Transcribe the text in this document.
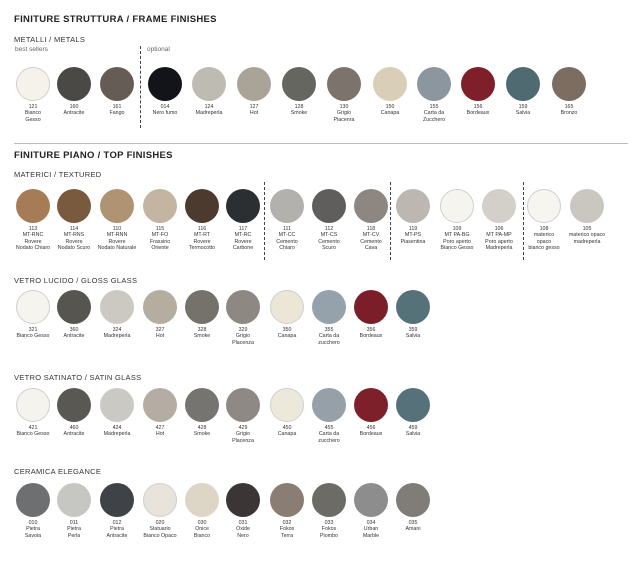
FINITURE STRUTTURA / FRAME FINISHES
METALLI / METALS
best sellers	optional
FINITURE PIANO / TOP FINISHES
MATERICI / TEXTURED
VETRO LUCIDO / GLOSS GLASS
VETRO SATINATO / SATIN GLASS
CERAMICA ELEGANCE
121
Bianco
Gesso
160
Antracite
161
Fango
014
Nero fumo
124
Madreperla
127
Hot
128
Smoke
130
Grigio
Placenra
150
Canapa
155
Carta da
Zucchero
156
Bordeaux
159
Salvia
165
Bronzo
113
MT-RNC
Rovere
Nodato Chiaro
114
MT-RNS
Rovere
Nodato Scuro
110
MT-RNN
Rovere
Nodato Naturale
115
MT-FO
Frassino
Oriente
116
MT-RT
Rovere
Termocotto
117
MT-RC
Rovere
Carbone
111
MT-CC
Cemento
Chiaro
112
MT-CS
Cemento
Scuro
118
MT-CV
Cemento
Cava
119
MT-PS
Piasentina
109
MT PA-BG
Poro aperto
Bianco Gesso
106
MT PA-MP
Poro aperto
Madreperla
108
materico
opaco
bianco gesso
105
materico opaco
madreperla
321
Bianco Gesso
360
Antracite
324
Madreperla
327
Hot
328
Smoke
329
Grigio
Placenza
350
Canapa
355
Carta da
zucchero
356
Bordeaux
359
Salvia
421
Bianco Gesso
460
Antracite
424
Madreperla
427
Hot
428
Smoke
429
Grigio
Placenza
450
Canapa
455
Carta da
zucchero
456
Bordeaux
459
Salvia
010
Pietra
Savoia
011
Pietra
Perla
012
Pietra
Antracite
020
Statuario
Bianco Opaco
030
Onice
Bianco
031
Oxide
Nero
032
Fokos
Terra
033
Fokos
Piombo
034
Urban
Marble
035
Amani
